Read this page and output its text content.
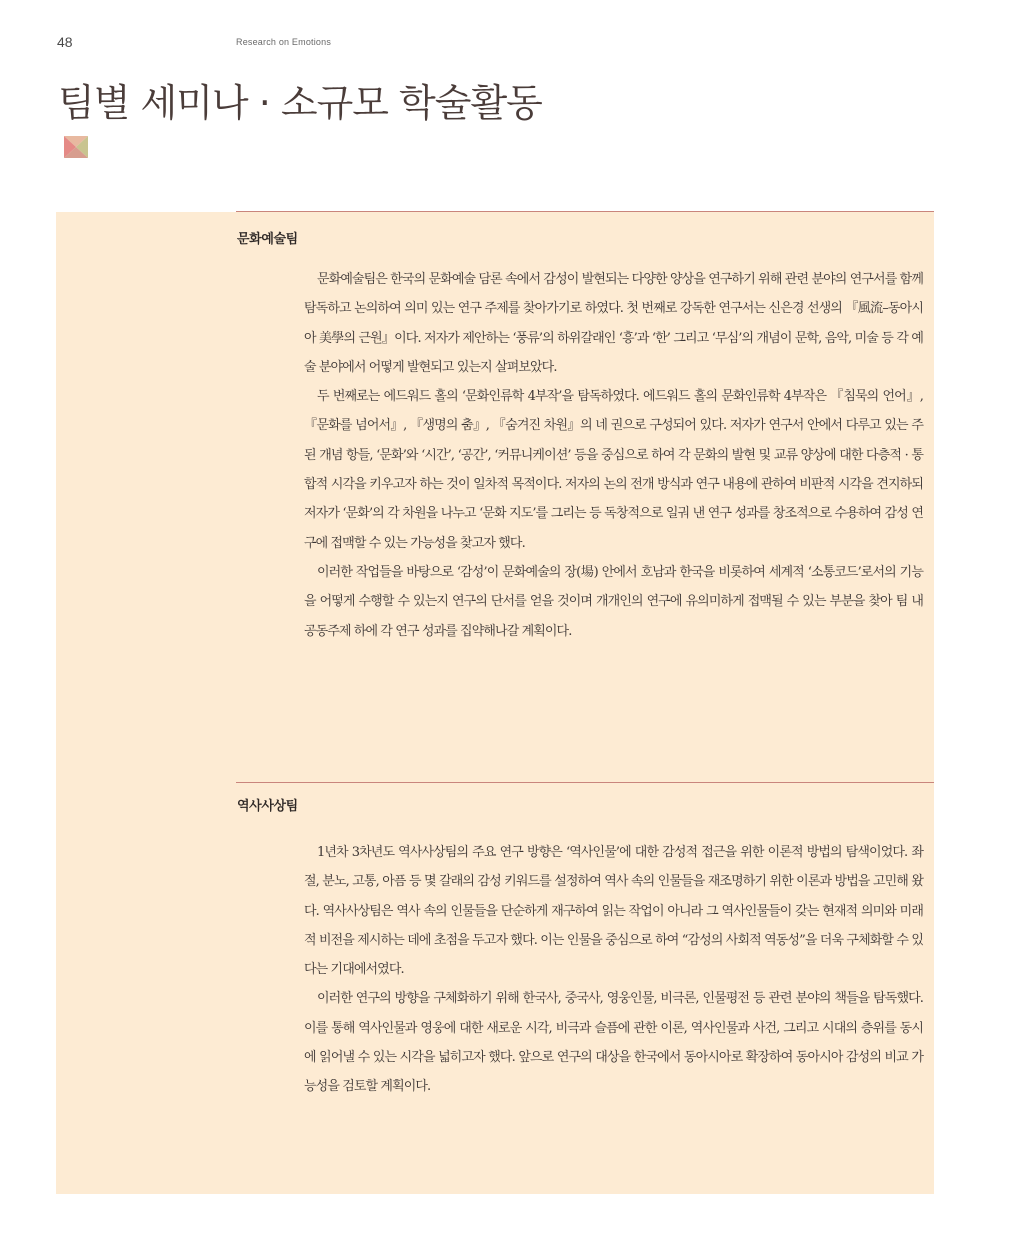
48	Research on Emotions
팀별 세미나 · 소규모 학술활동
문화예술팀

문화예술팀은 한국의 문화예술 담론 속에서 감성이 발현되는 다양한 양상을 연구하기 위해 관련 분야의 연구서를 함께 탐독하고 논의하여 의미 있는 연구 주제를 찾아가기로 하였다. 첫 번째로 강독한 연구서는 신은경 선생의 『風流–동아시아 美學의 근원』이다. 저자가 제안하는 ‘풍류’의 하위갈래인 ‘흥’과 ‘한’ 그리고 ‘무심’의 개념이 문학, 음악, 미술 등 각 예술 분야에서 어떻게 발현되고 있는지 살펴보았다.

두 번째로는 에드워드 홀의 ‘문화인류학 4부작’을 탐독하였다. 에드워드 홀의 문화인류학 4부작은 『침묵의 언어』, 『문화를 넘어서』, 『생명의 춤』, 『숨겨진 차원』의 네 권으로 구성되어 있다. 저자가 연구서 안에서 다루고 있는 주된 개념 항들, ‘문화’와 ‘시간’, ‘공간’, ‘커뮤니케이션’ 등을 중심으로 하여 각 문화의 발현 및 교류 양상에 대한 다층적 · 통합적 시각을 키우고자 하는 것이 일차적 목적이다. 저자의 논의 전개 방식과 연구 내용에 관하여 비판적 시각을 견지하되 저자가 ‘문화’의 각 차원을 나누고 ‘문화 지도’를 그리는 등 독창적으로 일궈 낸 연구 성과를 창조적으로 수용하여 감성 연구에 접맥할 수 있는 가능성을 찾고자 했다.

이러한 작업들을 바탕으로 ‘감성’이 문화예술의 장(場) 안에서 호남과 한국을 비롯하여 세계적 ‘소통코드’로서의 기능을 어떻게 수행할 수 있는지 연구의 단서를 얻을 것이며 개개인의 연구에 유의미하게 접맥될 수 있는 부분을 찾아 팀 내 공동주제 하에 각 연구 성과를 집약해나갈 계획이다.

역사사상팀

1년차 3차년도 역사사상팀의 주요 연구 방향은 ‘역사인물’에 대한 감성적 접근을 위한 이론적 방법의 탐색이었다. 좌절, 분노, 고통, 아픔 등 몇 갈래의 감성 키워드를 설정하여 역사 속의 인물들을 재조명하기 위한 이론과 방법을 고민해 왔다. 역사사상팀은 역사 속의 인물들을 단순하게 재구하여 읽는 작업이 아니라 그 역사인물들이 갖는 현재적 의미와 미래적 비전을 제시하는 데에 초점을 두고자 했다. 이는 인물을 중심으로 하여 “감성의 사회적 역동성”을 더욱 구체화할 수 있다는 기대에서였다.

이러한 연구의 방향을 구체화하기 위해 한국사, 중국사, 영웅인물, 비극론, 인물평전 등 관련 분야의 책들을 탐독했다. 이를 통해 역사인물과 영웅에 대한 새로운 시각, 비극과 슬픔에 관한 이론, 역사인물과 사건, 그리고 시대의 층위를 동시에 읽어낼 수 있는 시각을 넓히고자 했다. 앞으로 연구의 대상을 한국에서 동아시아로 확장하여 동아시아 감성의 비교 가능성을 검토할 계획이다.
